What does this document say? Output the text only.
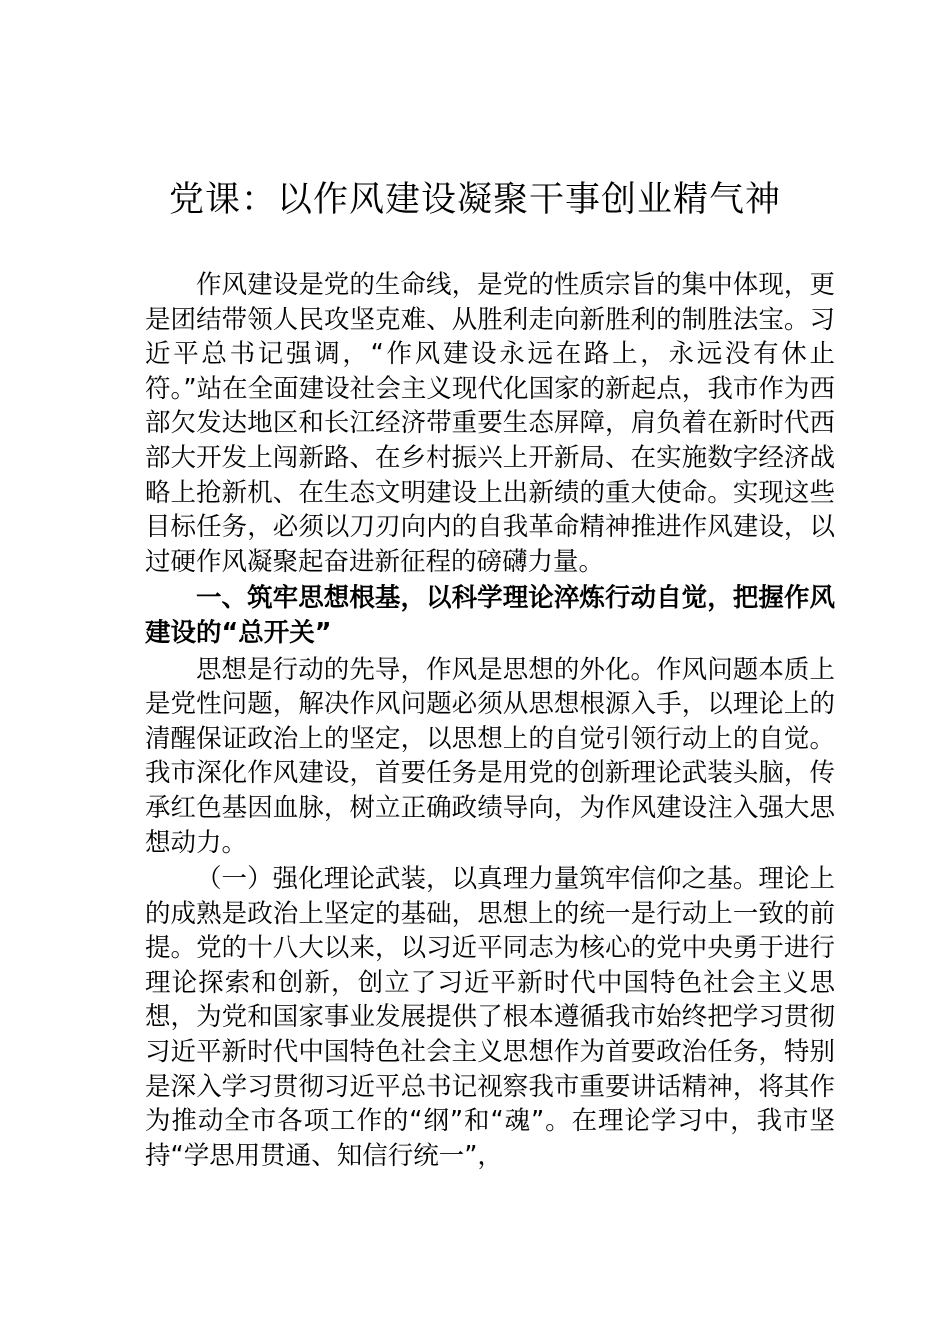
党课：以作风建设凝聚干事创业精气神

作风建设是党的生命线，是党的性质宗旨的集中体现，更是团结带领人民攻坚克难、从胜利走向新胜利的制胜法宝。习近平总书记强调，“作风建设永远在路上，永远没有休止符。”站在全面建设社会主义现代化国家的新起点，我市作为西部欠发达地区和长江经济带重要生态屏障，肩负着在新时代西部大开发上闯新路、在乡村振兴上开新局、在实施数字经济战略上抢新机、在生态文明建设上出新绩的重大使命。实现这些目标任务，必须以刀刃向内的自我革命精神推进作风建设，以过硬作风凝聚起奋进新征程的磅礴力量。

一、筑牢思想根基，以科学理论淬炼行动自觉，把握作风建设的“总开关”

思想是行动的先导，作风是思想的外化。作风问题本质上是党性问题，解决作风问题必须从思想根源入手，以理论上的清醒保证政治上的坚定，以思想上的自觉引领行动上的自觉。我市深化作风建设，首要任务是用党的创新理论武装头脑，传承红色基因血脉，树立正确政绩导向，为作风建设注入强大思想动力。

（一）强化理论武装，以真理力量筑牢信仰之基。理论上的成熟是政治上坚定的基础，思想上的统一是行动上一致的前提。党的十八大以来，以习近平同志为核心的党中央勇于进行理论探索和创新，创立了习近平新时代中国特色社会主义思想，为党和国家事业发展提供了根本遵循我市始终把学习贯彻习近平新时代中国特色社会主义思想作为首要政治任务，特别是深入学习贯彻习近平总书记视察我市重要讲话精神，将其作为推动全市各项工作的“纲”和“魂”。在理论学习中，我市坚持“学思用贯通、知信行统一”，
